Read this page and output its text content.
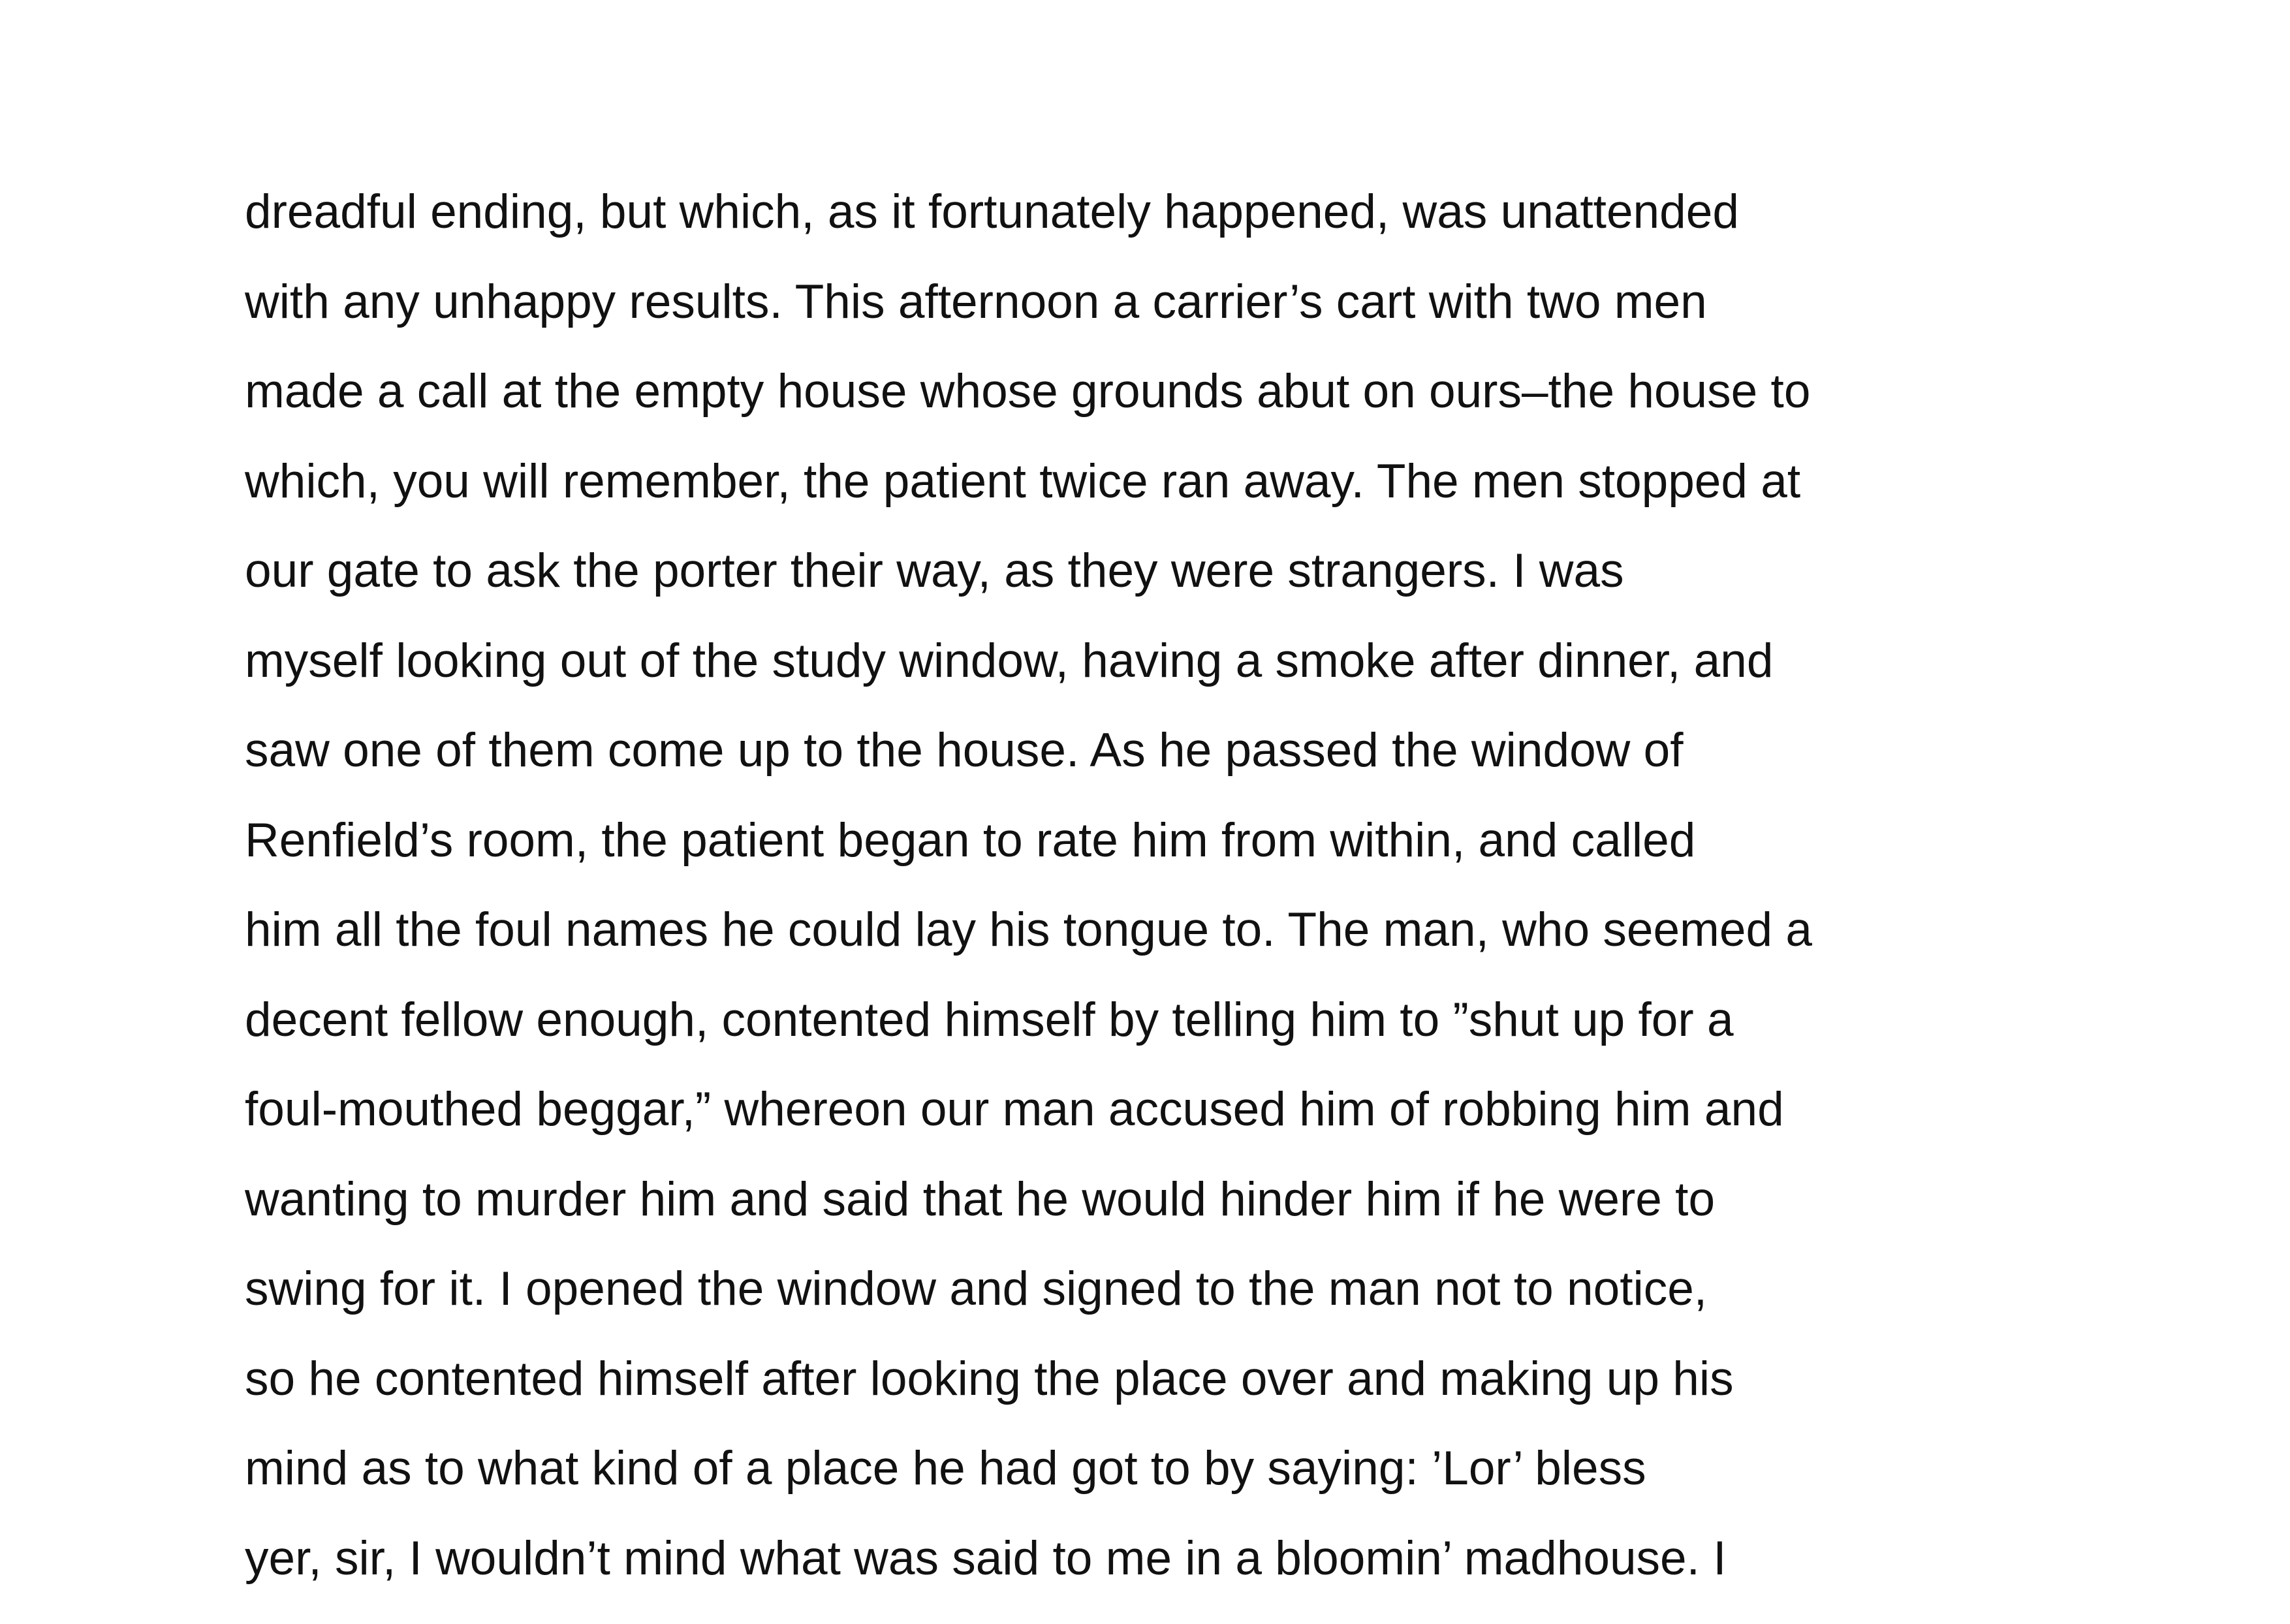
dreadful ending, but which, as it fortunately happened, was unattended
with any unhappy results. This afternoon a carrier’s cart with two men
made a call at the empty house whose grounds abut on ours–the house to
which, you will remember, the patient twice ran away. The men stopped at
our gate to ask the porter their way, as they were strangers. I was
myself looking out of the study window, having a smoke after dinner, and
saw one of them come up to the house. As he passed the window of
Renfield’s room, the patient began to rate him from within, and called
him all the foul names he could lay his tongue to. The man, who seemed a
decent fellow enough, contented himself by telling him to ”shut up for a
foul-mouthed beggar,” whereon our man accused him of robbing him and
wanting to murder him and said that he would hinder him if he were to
swing for it. I opened the window and signed to the man not to notice,
so he contented himself after looking the place over and making up his
mind as to what kind of a place he had got to by saying: ’Lor’ bless
yer, sir, I wouldn’t mind what was said to me in a bloomin’ madhouse. I
